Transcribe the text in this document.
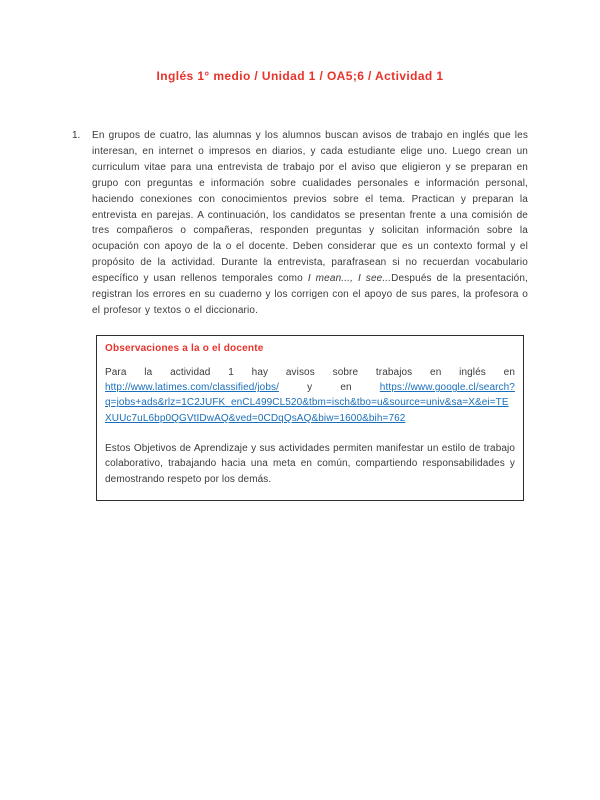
Inglés 1° medio / Unidad 1 / OA5;6 / Actividad 1
1.	En grupos de cuatro, las alumnas y los alumnos buscan avisos de trabajo en inglés que les interesan, en internet o impresos en diarios, y cada estudiante elige uno. Luego crean un curriculum vitae para una entrevista de trabajo por el aviso que eligieron y se preparan en grupo con preguntas e información sobre cualidades personales e información personal, haciendo conexiones con conocimientos previos sobre el tema. Practican y preparan la entrevista en parejas. A continuación, los candidatos se presentan frente a una comisión de tres compañeros o compañeras, responden preguntas y solicitan información sobre la ocupación con apoyo de la o el docente. Deben considerar que es un contexto formal y el propósito de la actividad. Durante la entrevista, parafrasean si no recuerdan vocabulario específico y usan rellenos temporales como I mean..., I see...Después de la presentación, registran los errores en su cuaderno y los corrigen con el apoyo de sus pares, la profesora o el profesor y textos o el diccionario.

Observaciones a la o el docente

Para la actividad 1 hay avisos sobre trabajos en inglés en http://www.latimes.com/classified/jobs/	y	en	https://www.google.cl/search?q=jobs+ads&rlz=1C2JUFK_enCL499CL520&tbm=isch&tbo=u&source=univ&sa=X&ei=TEXUUc7uL6bp0QGVtIDwAQ&ved=0CDqQsAQ&biw=1600&bih=762

Estos Objetivos de Aprendizaje y sus actividades permiten manifestar un estilo de trabajo colaborativo, trabajando hacia una meta en común, compartiendo responsabilidades y demostrando respeto por los demás.
